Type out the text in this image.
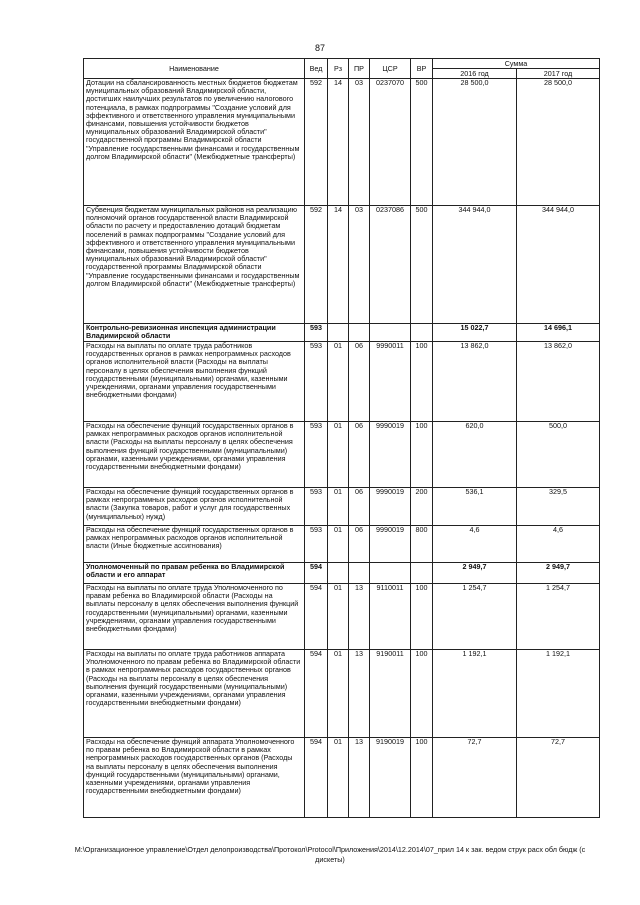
87
Наименование	Вед	Рз	ПР	ЦСР	ВР	Сумма	
						2016 год	2017 год
Дотации на сбалансированность местных бюджетов бюджетам муниципальных образований Владимирской области, достигших наилучших результатов по увеличению налогового потенциала, в рамках подпрограммы "Создание условий для эффективного и ответственного управления муниципальными финансами, повышения устойчивости бюджетов муниципальных образований Владимирской области" государственной программы Владимирской области "Управление государственными финансами и государственным долгом Владимирской области" (Межбюджетные трансферты)	592	14	03	0237070	500	28 500,0	28 500,0
Субвенция бюджетам муниципальных районов на реализацию полномочий органов государственной власти Владимирской области по расчету и предоставлению дотаций бюджетам поселений в рамках подпрограммы "Создание условий для эффективного и ответственного управления муниципальными финансами, повышения устойчивости бюджетов муниципальных образований Владимирской области" государственной программы Владимирской области "Управление государственными финансами и государственным долгом Владимирской области" (Межбюджетные трансферты)	592	14	03	0237086	500	344 944,0	344 944,0
Контрольно-ревизионная инспекция администрации Владимирской области	593					15 022,7	14 696,1
Расходы на выплаты по оплате труда работников государственных органов в рамках непрограммных расходов органов исполнительной власти (Расходы на выплаты персоналу в целях обеспечения выполнения функций государственными (муниципальными) органами, казенными учреждениями, органами управления государственными внебюджетными фондами)	593	01	06	9990011	100	13 862,0	13 862,0
Расходы на обеспечение функций государственных органов в рамках непрограммных расходов органов исполнительной власти (Расходы на выплаты персоналу в целях обеспечения выполнения функций государственными (муниципальными) органами, казенными учреждениями, органами управления государственными внебюджетными фондами)	593	01	06	9990019	100	620,0	500,0
Расходы на обеспечение функций государственных органов в рамках непрограммных расходов органов исполнительной власти (Закупка товаров, работ и услуг для государственных (муниципальных) нужд)	593	01	06	9990019	200	536,1	329,5
Расходы на обеспечение функций государственных органов в рамках непрограммных расходов органов исполнительной власти (Иные бюджетные ассигнования)	593	01	06	9990019	800	4,6	4,6
Уполномоченный по правам ребенка во Владимирской области и его аппарат	594					2 949,7	2 949,7
Расходы на выплаты по оплате труда Уполномоченного по правам ребенка во Владимирской области (Расходы на выплаты персоналу в целях обеспечения выполнения функций государственными (муниципальными) органами, казенными учреждениями, органами управления государственными внебюджетными фондами)	594	01	13	9110011	100	1 254,7	1 254,7
Расходы на выплаты по оплате труда работников аппарата Уполномоченного по правам ребенка во Владимирской области в рамках непрограммных расходов государственных органов (Расходы на выплаты персоналу в целях обеспечения выполнения функций государственными (муниципальными) органами, казенными учреждениями, органами управления государственными внебюджетными фондами)	594	01	13	9190011	100	1 192,1	1 192,1
Расходы на обеспечение функций аппарата Уполномоченного по правам ребенка во Владимирской области в рамках непрограммных расходов государственных органов (Расходы на выплаты персоналу в целях обеспечения выполнения функций государственными (муниципальными) органами, казенными учреждениями, органами управления государственными внебюджетными фондами)	594	01	13	9190019	100	72,7	72,7
М:\Организационное управление\Отдел делопроизводства\Протокол\Protocol\Приложения\2014\12.2014\07_прил 14 к зак. ведом струк расх обл бюдж (с дискеты)
